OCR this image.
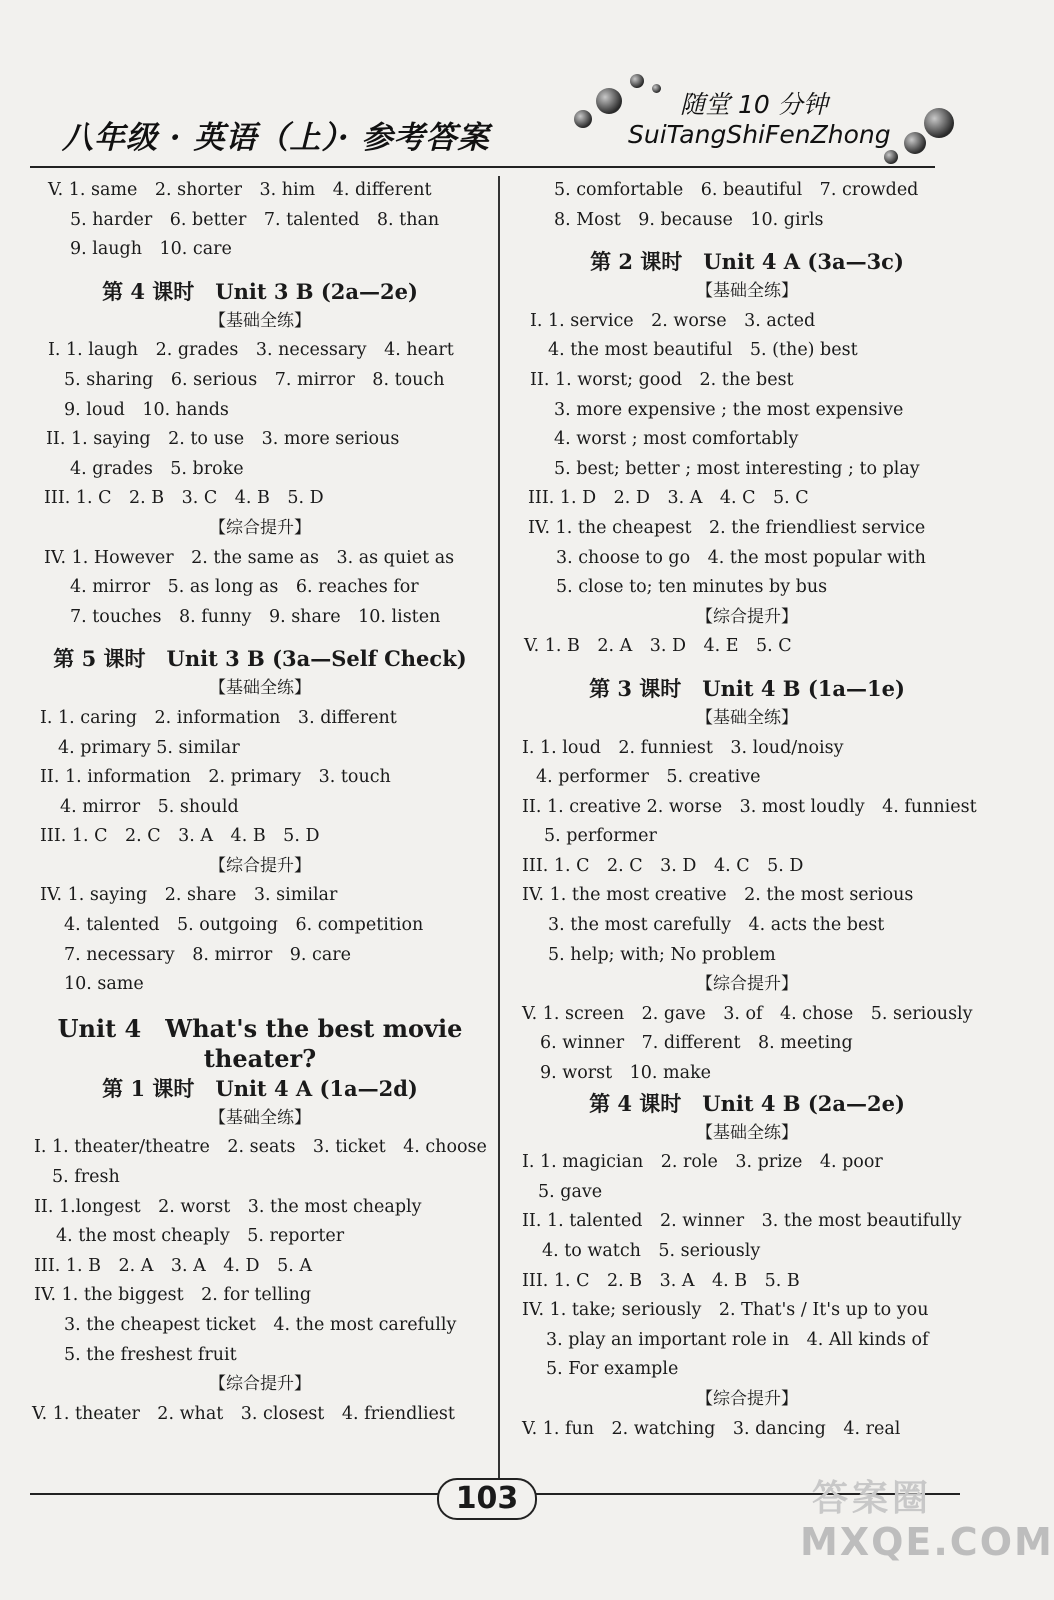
八年级 · 英语（上）· 参考答案
随堂 10 分钟
SuiTangShiFenZhong
V. 1. same　2. shorter　3. him　4. different
5. harder　6. better　7. talented　8. than
9. laugh　10. care
第 4 课时　Unit 3 B (2a—2e)
【基础全练】
I. 1. laugh　2. grades　3. necessary　4. heart
5. sharing　6. serious　7. mirror　8. touch
9. loud　10. hands
II. 1. saying　2. to use　3. more serious
4. grades　5. broke
III. 1. C　2. B　3. C　4. B　5. D
【综合提升】
IV. 1. However　2. the same as　3. as quiet as
4. mirror　5. as long as　6. reaches for
7. touches　8. funny　9. share　10. listen
第 5 课时　Unit 3 B (3a—Self Check)
【基础全练】
I. 1. caring　2. information　3. different
4. primary 5. similar
II. 1. information　2. primary　3. touch
4. mirror　5. should
III. 1. C　2. C　3. A　4. B　5. D
【综合提升】
IV. 1. saying　2. share　3. similar
4. talented　5. outgoing　6. competition
7. necessary　8. mirror　9. care
10. same
Unit 4 What's the best movie
theater?
第 1 课时　Unit 4 A (1a—2d)
【基础全练】
I. 1. theater/theatre　2. seats　3. ticket　4. choose
5. fresh
II. 1.longest　2. worst　3. the most cheaply
4. the most cheaply　5. reporter
III. 1. B　2. A　3. A　4. D　5. A
IV. 1. the biggest　2. for telling
3. the cheapest ticket　4. the most carefully
5. the freshest fruit
【综合提升】
V. 1. theater　2. what　3. closest　4. friendliest
5. comfortable　6. beautiful　7. crowded
8. Most　9. because　10. girls
第 2 课时　Unit 4 A (3a—3c)
【基础全练】
I. 1. service　2. worse　3. acted
4. the most beautiful　5. (the) best
II. 1. worst; good　2. the best
3. more expensive ; the most expensive
4. worst ; most comfortably
5. best; better ; most interesting ; to play
III. 1. D　2. D　3. A　4. C　5. C
IV. 1. the cheapest　2. the friendliest service
3. choose to go　4. the most popular with
5. close to; ten minutes by bus
【综合提升】
V. 1. B　2. A　3. D　4. E　5. C
第 3 课时　Unit 4 B (1a—1e)
【基础全练】
I. 1. loud　2. funniest　3. loud/noisy
4. performer　5. creative
II. 1. creative 2. worse　3. most loudly　4. funniest
5. performer
III. 1. C　2. C　3. D　4. C　5. D
IV. 1. the most creative　2. the most serious
3. the most carefully　4. acts the best
5. help; with; No problem
【综合提升】
V. 1. screen　2. gave　3. of　4. chose　5. seriously
6. winner　7. different　8. meeting
9. worst　10. make
第 4 课时　Unit 4 B (2a—2e)
【基础全练】
I. 1. magician　2. role　3. prize　4. poor
5. gave
II. 1. talented　2. winner　3. the most beautifully
4. to watch　5. seriously
III. 1. C　2. B　3. A　4. B　5. B
IV. 1. take; seriously　2. That's / It's up to you
3. play an important role in　4. All kinds of
5. For example
【综合提升】
V. 1. fun　2. watching　3. dancing　4. real
103	答案圈
MXQE.COM
